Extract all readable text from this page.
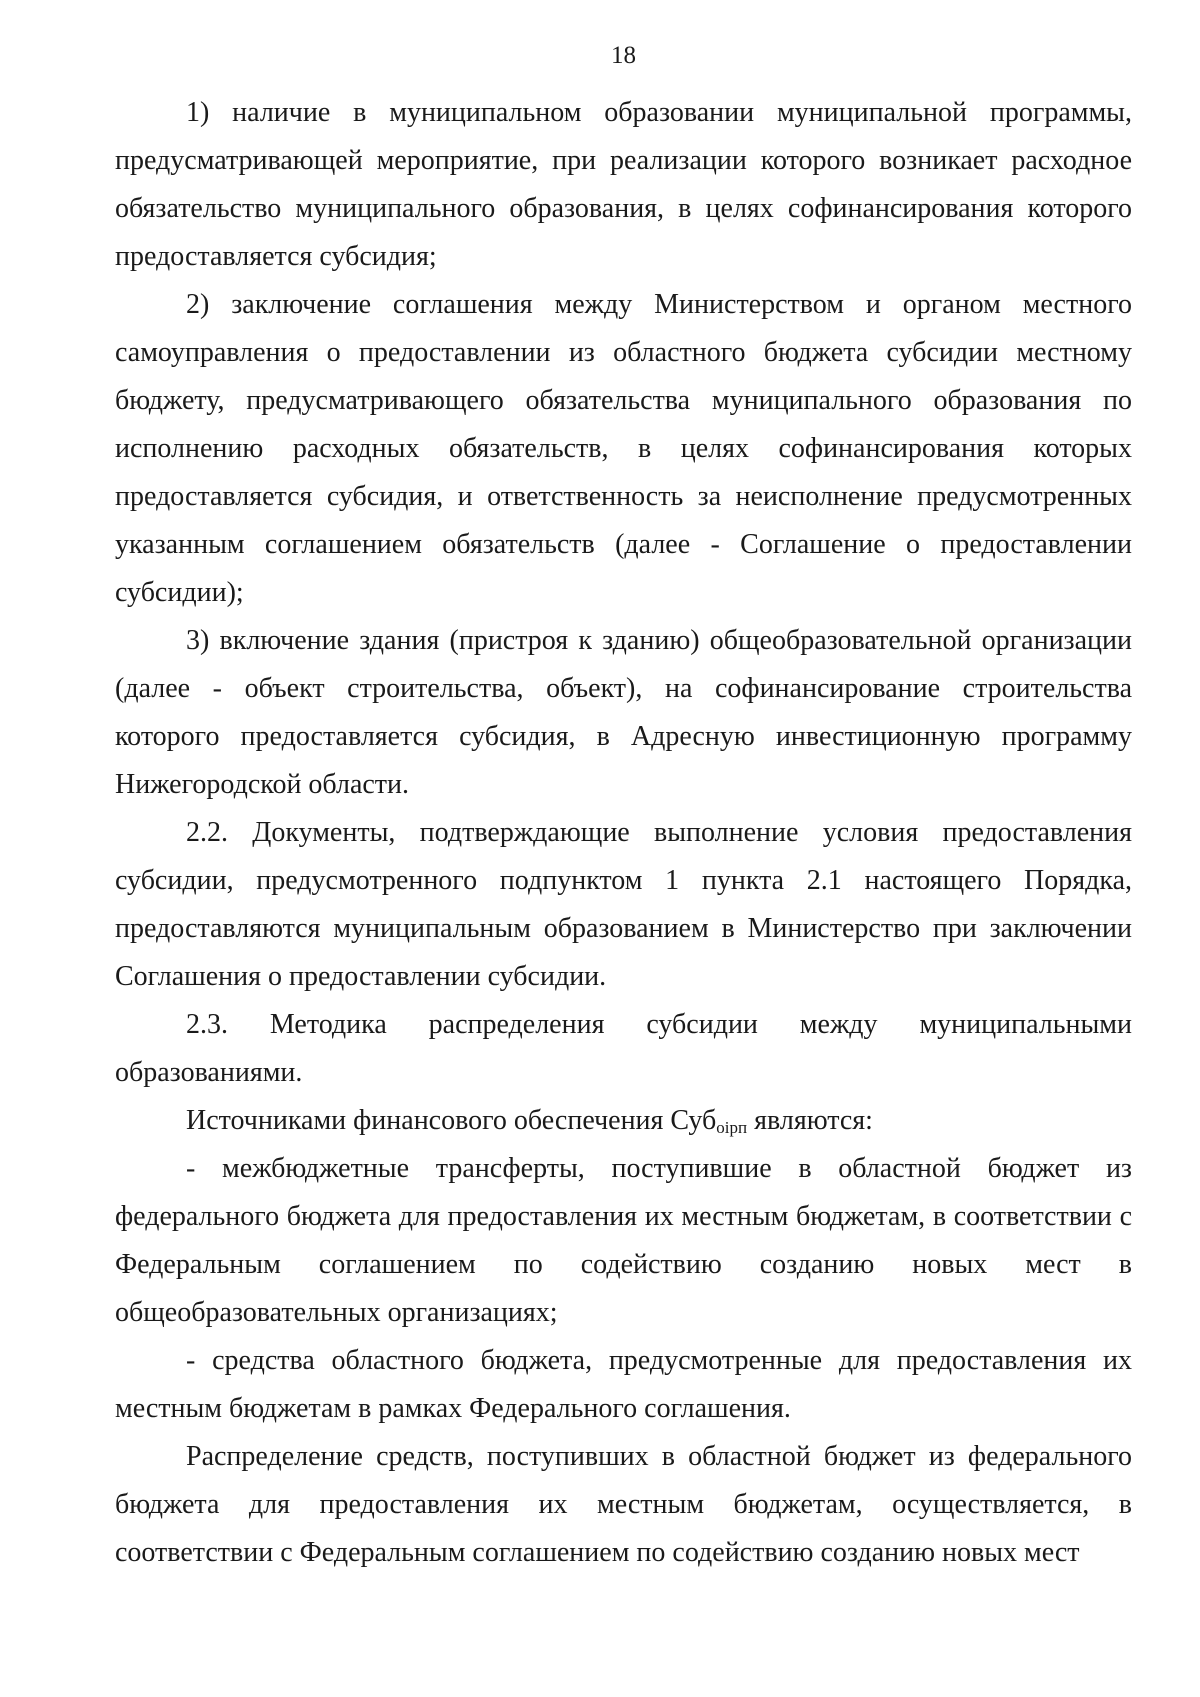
18

1) наличие в муниципальном образовании муниципальной программы, предусматривающей мероприятие, при реализации которого возникает расходное обязательство муниципального образования, в целях софинансирования которого предоставляется субсидия;

2) заключение соглашения между Министерством и органом местного самоуправления о предоставлении из областного бюджета субсидии местному бюджету, предусматривающего обязательства муниципального образования по исполнению расходных обязательств, в целях софинансирования которых предоставляется субсидия, и ответственность за неисполнение предусмотренных указанным соглашением обязательств (далее - Соглашение о предоставлении субсидии);

3) включение здания (пристроя к зданию) общеобразовательной организации (далее - объект строительства, объект), на софинансирование строительства которого предоставляется субсидия, в Адресную инвестиционную программу Нижегородской области.

2.2. Документы, подтверждающие выполнение условия предоставления субсидии, предусмотренного подпунктом 1 пункта 2.1 настоящего Порядка, предоставляются муниципальным образованием в Министерство при заключении Соглашения о предоставлении субсидии.

2.3. Методика распределения субсидии между муниципальными образованиями.

Источниками финансового обеспечения Суб$_{оірп}$ являются:

- межбюджетные трансферты, поступившие в областной бюджет из федерального бюджета для предоставления их местным бюджетам, в соответствии с Федеральным соглашением по содействию созданию новых мест в общеобразовательных организациях;

- средства областного бюджета, предусмотренные для предоставления их местным бюджетам в рамках Федерального соглашения.

Распределение средств, поступивших в областной бюджет из федерального бюджета для предоставления их местным бюджетам, осуществляется, в соответствии с Федеральным соглашением по содействию созданию новых мест
